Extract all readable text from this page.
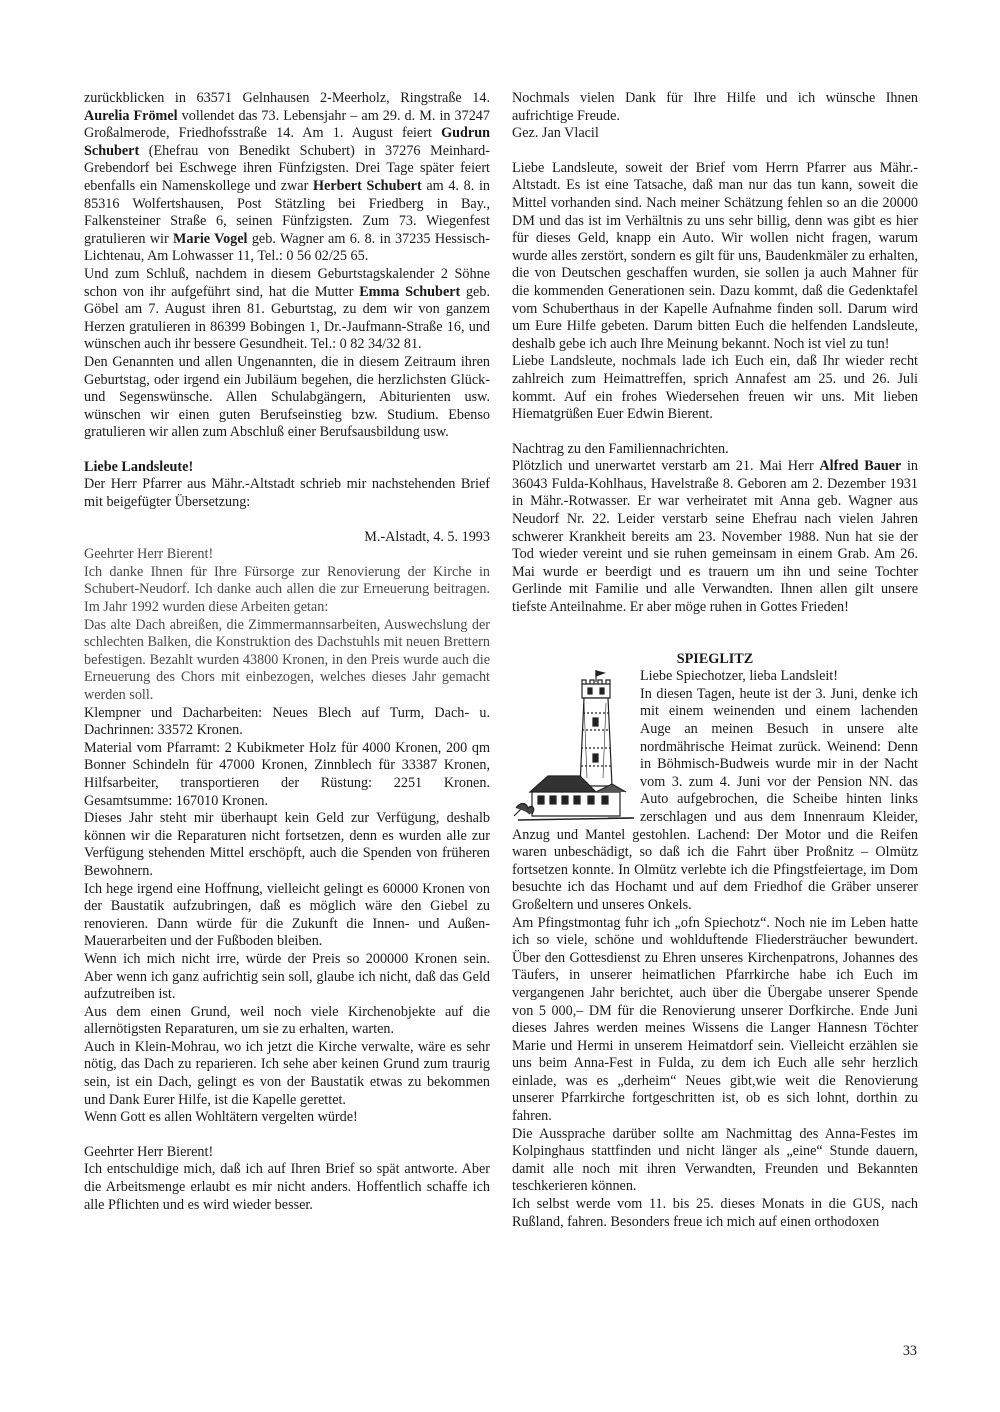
zurückblicken in 63571 Gelnhausen 2-Meerholz, Ringstraße 14. Aurelia Frömel vollendet das 73. Lebensjahr – am 29. d. M. in 37247 Großalmerode, Friedhofsstraße 14. Am 1. August feiert Gudrun Schubert (Ehefrau von Benedikt Schubert) in 37276 Meinhard-Grebendorf bei Eschwege ihren Fünfzigsten. Drei Tage später feiert ebenfalls ein Namenskollege und zwar Herbert Schubert am 4. 8. in 85316 Wolfertshausen, Post Stätzling bei Friedberg in Bay., Falkensteiner Straße 6, seinen Fünfzigsten. Zum 73. Wiegenfest gratulieren wir Marie Vogel geb. Wagner am 6. 8. in 37235 Hessisch-Lichtenau, Am Lohwasser 11, Tel.: 0 56 02/25 65.

Und zum Schluß, nachdem in diesem Geburtstagskalender 2 Söhne schon von ihr aufgeführt sind, hat die Mutter Emma Schubert geb. Göbel am 7. August ihren 81. Geburtstag, zu dem wir von ganzem Herzen gratulieren in 86399 Bobingen 1, Dr.-Jaufmann-Straße 16, und wünschen auch ihr bessere Gesundheit. Tel.: 0 82 34/32 81.

Den Genannten und allen Ungenannten, die in diesem Zeitraum ihren Geburtstag, oder irgend ein Jubiläum begehen, die herzlichsten Glück- und Segenswünsche. Allen Schulabgängern, Abiturienten usw. wünschen wir einen guten Berufseinstieg bzw. Studium. Ebenso gratulieren wir allen zum Abschluß einer Berufsausbildung usw.

Liebe Landsleute!

Der Herr Pfarrer aus Mähr.-Altstadt schrieb mir nachstehenden Brief mit beigefügter Übersetzung:

M.-Alstadt, 4. 5. 1993

Geehrter Herr Bierent!

Ich danke Ihnen für Ihre Fürsorge zur Renovierung der Kirche in Schubert-Neudorf. Ich danke auch allen die zur Erneuerung beitragen. Im Jahr 1992 wurden diese Arbeiten getan:

Das alte Dach abreißen, die Zimmermannsarbeiten, Auswechslung der schlechten Balken, die Konstruktion des Dachstuhls mit neuen Brettern befestigen. Bezahlt wurden 43800 Kronen, in den Preis wurde auch die Erneuerung des Chors mit einbezogen, welches dieses Jahr gemacht werden soll.

Klempner und Dacharbeiten: Neues Blech auf Turm, Dach- u. Dachrinnen: 33572 Kronen.

Material vom Pfarramt: 2 Kubikmeter Holz für 4000 Kronen, 200 qm Bonner Schindeln für 47000 Kronen, Zinnblech für 33387 Kronen, Hilfsarbeiter, transportieren der Rüstung: 2251 Kronen. Gesamtsumme: 167010 Kronen.

Dieses Jahr steht mir überhaupt kein Geld zur Verfügung, deshalb können wir die Reparaturen nicht fortsetzen, denn es wurden alle zur Verfügung stehenden Mittel erschöpft, auch die Spenden von früheren Bewohnern.

Ich hege irgend eine Hoffnung, vielleicht gelingt es 60000 Kronen von der Baustatik aufzubringen, daß es möglich wäre den Giebel zu renovieren. Dann würde für die Zukunft die Innen- und Außen-Mauerarbeiten und der Fußboden bleiben.

Wenn ich mich nicht irre, würde der Preis so 200000 Kronen sein. Aber wenn ich ganz aufrichtig sein soll, glaube ich nicht, daß das Geld aufzutreiben ist.

Aus dem einen Grund, weil noch viele Kirchenobjekte auf die allernötigsten Reparaturen, um sie zu erhalten, warten.

Auch in Klein-Mohrau, wo ich jetzt die Kirche verwalte, wäre es sehr nötig, das Dach zu reparieren. Ich sehe aber keinen Grund zum traurig sein, ist ein Dach, gelingt es von der Baustatik etwas zu bekommen und Dank Eurer Hilfe, ist die Kapelle gerettet.

Wenn Gott es allen Wohltätern vergelten würde!

Geehrter Herr Bierent!

Ich entschuldige mich, daß ich auf Ihren Brief so spät antworte. Aber die Arbeitsmenge erlaubt es mir nicht anders. Hoffentlich schaffe ich alle Pflichten und es wird wieder besser.

Nochmals vielen Dank für Ihre Hilfe und ich wünsche Ihnen aufrichtige Freude.

Gez. Jan Vlacil

Liebe Landsleute, soweit der Brief vom Herrn Pfarrer aus Mähr.-Altstadt. Es ist eine Tatsache, daß man nur das tun kann, soweit die Mittel vorhanden sind. Nach meiner Schätzung fehlen so an die 20000 DM und das ist im Verhältnis zu uns sehr billig, denn was gibt es hier für dieses Geld, knapp ein Auto. Wir wollen nicht fragen, warum wurde alles zerstört, sondern es gilt für uns, Baudenkmäler zu erhalten, die von Deutschen geschaffen wurden, sie sollen ja auch Mahner für die kommenden Generationen sein. Dazu kommt, daß die Gedenktafel vom Schuberthaus in der Kapelle Aufnahme finden soll. Darum wird um Eure Hilfe gebeten. Darum bitten Euch die helfenden Landsleute, deshalb gebe ich auch Ihre Meinung bekannt. Noch ist viel zu tun!

Liebe Landsleute, nochmals lade ich Euch ein, daß Ihr wieder recht zahlreich zum Heimattreffen, sprich Annafest am 25. und 26. Juli kommt. Auf ein frohes Wiedersehen freuen wir uns. Mit lieben Hiematgrüßen Euer Edwin Bierent.

Nachtrag zu den Familiennachrichten.

Plötzlich und unerwartet verstarb am 21. Mai Herr Alfred Bauer in 36043 Fulda-Kohlhaus, Havelstraße 8. Geboren am 2. Dezember 1931 in Mähr.-Rotwasser. Er war verheiratet mit Anna geb. Wagner aus Neudorf Nr. 22. Leider verstarb seine Ehefrau nach vielen Jahren schwerer Krankheit bereits am 23. November 1988. Nun hat sie der Tod wieder vereint und sie ruhen gemeinsam in einem Grab. Am 26. Mai wurde er beerdigt und es trauern um ihn und seine Tochter Gerlinde mit Familie und alle Verwandten. Ihnen allen gilt unsere tiefste Anteilnahme. Er aber möge ruhen in Gottes Frieden!

SPIEGLITZ

Liebe Spiechotzer, lieba Landsleit!

In diesen Tagen, heute ist der 3. Juni, denke ich mit einem weinenden und einem lachenden Auge an meinen Besuch in unsere alte nordmährische Heimat zurück. Weinend: Denn in Böhmisch-Budweis wurde mir in der Nacht vom 3. zum 4. Juni vor der Pension NN. das Auto aufgebrochen, die Scheibe hinten links zerschlagen und aus dem Innenraum Kleider, Anzug und Mantel gestohlen. Lachend: Der Motor und die Reifen waren unbeschädigt, so daß ich die Fahrt über Proßnitz – Olmütz fortsetzen konnte. In Olmütz verlebte ich die Pfingstfeiertage, im Dom besuchte ich das Hochamt und auf dem Friedhof die Gräber unserer Großeltern und unseres Onkels.

Am Pfingstmontag fuhr ich „ofn Spiechotz“. Noch nie im Leben hatte ich so viele, schöne und wohlduftende Fliedersträucher bewundert. Über den Gottesdienst zu Ehren unseres Kirchenpatrons, Johannes des Täufers, in unserer heimatlichen Pfarrkirche habe ich Euch im vergangenen Jahr berichtet, auch über die Übergabe unserer Spende von 5 000,– DM für die Renovierung unserer Dorfkirche. Ende Juni dieses Jahres werden meines Wissens die Langer Hannesn Töchter Marie und Hermi in unserem Heimatdorf sein. Vielleicht erzählen sie uns beim Anna-Fest in Fulda, zu dem ich Euch alle sehr herzlich einlade, was es „derheim“ Neues gibt,wie weit die Renovierung unserer Pfarrkirche fortgeschritten ist, ob es sich lohnt, dorthin zu fahren.

Die Aussprache darüber sollte am Nachmittag des Anna-Festes im Kolpinghaus stattfinden und nicht länger als „eine“ Stunde dauern, damit alle noch mit ihren Verwandten, Freunden und Bekannten teschkerieren können.

Ich selbst werde vom 11. bis 25. dieses Monats in die GUS, nach Rußland, fahren. Besonders freue ich mich auf einen orthodoxen

33
